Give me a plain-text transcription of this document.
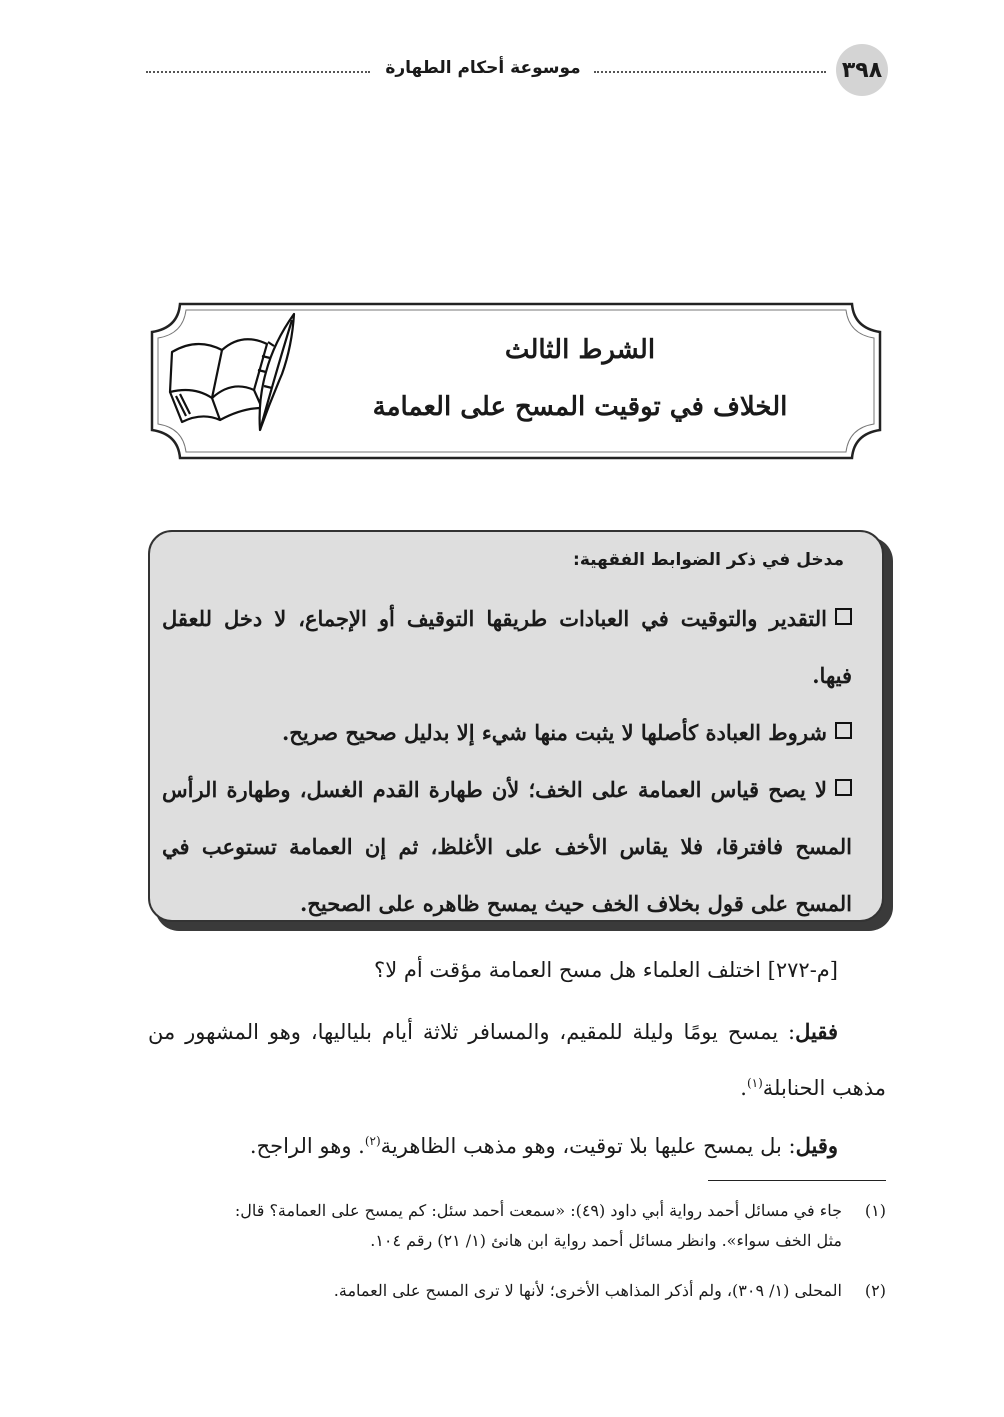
٣٩٨
موسوعة أحكام الطهارة
الشرط الثالث
الخلاف في توقيت المسح على العمامة
مدخل في ذكر الضوابط الفقهية:
التقدير والتوقيت في العبادات طريقها التوقيف أو الإجماع، لا دخل للعقل فيها.
شروط العبادة كأصلها لا يثبت منها شيء إلا بدليل صحيح صريح.
لا يصح قياس العمامة على الخف؛ لأن طهارة القدم الغسل، وطهارة الرأس المسح فافترقا، فلا يقاس الأخف على الأغلظ، ثم إن العمامة تستوعب في المسح على قول بخلاف الخف حيث يمسح ظاهره على الصحيح.
[م-٢٧٢] اختلف العلماء هل مسح العمامة مؤقت أم لا؟
فقيل: يمسح يومًا وليلة للمقيم، والمسافر ثلاثة أيام بلياليها، وهو المشهور من مذهب الحنابلة$^{(١)}$.
وقيل: بل يمسح عليها بلا توقيت، وهو مذهب الظاهرية$^{(٢)}$. وهو الراجح.
(١)جاء في مسائل أحمد رواية أبي داود (٤٩): «سمعت أحمد سئل: كم يمسح على العمامة؟ قال:
مثل الخف سواء». وانظر مسائل أحمد رواية ابن هانئ (١/ ٢١) رقم ١٠٤.
(٢)المحلى (١/ ٣٠٩)، ولم أذكر المذاهب الأخرى؛ لأنها لا ترى المسح على العمامة.
